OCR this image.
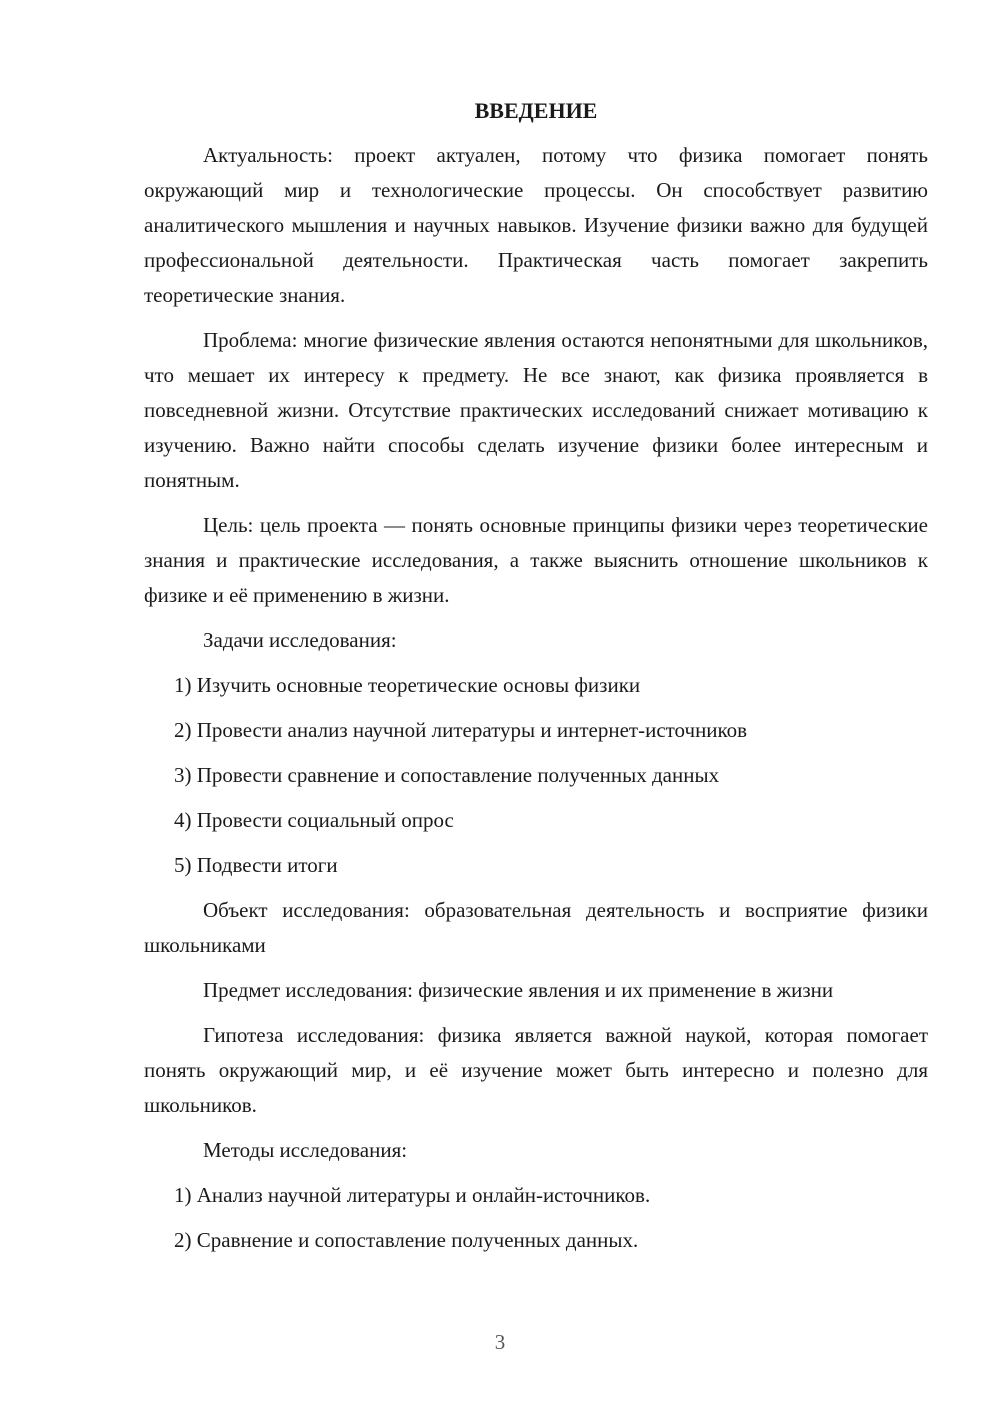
ВВЕДЕНИЕ

Актуальность: проект актуален, потому что физика помогает понять окружающий мир и технологические процессы. Он способствует развитию аналитического мышления и научных навыков. Изучение физики важно для будущей профессиональной деятельности. Практическая часть помогает закрепить теоретические знания.

Проблема: многие физические явления остаются непонятными для школьников, что мешает их интересу к предмету. Не все знают, как физика проявляется в повседневной жизни. Отсутствие практических исследований снижает мотивацию к изучению. Важно найти способы сделать изучение физики более интересным и понятным.

Цель: цель проекта — понять основные принципы физики через теоретические знания и практические исследования, а также выяснить отношение школьников к физике и её применению в жизни.

Задачи исследования:
1) Изучить основные теоретические основы физики
2) Провести анализ научной литературы и интернет-источников
3) Провести сравнение и сопоставление полученных данных
4) Провести социальный опрос
5) Подвести итоги

Объект исследования: образовательная деятельность и восприятие физики школьниками

Предмет исследования: физические явления и их применение в жизни

Гипотеза исследования: физика является важной наукой, которая помогает понять окружающий мир, и её изучение может быть интересно и полезно для школьников.

Методы исследования:
1) Анализ научной литературы и онлайн-источников.
2) Сравнение и сопоставление полученных данных.
3
